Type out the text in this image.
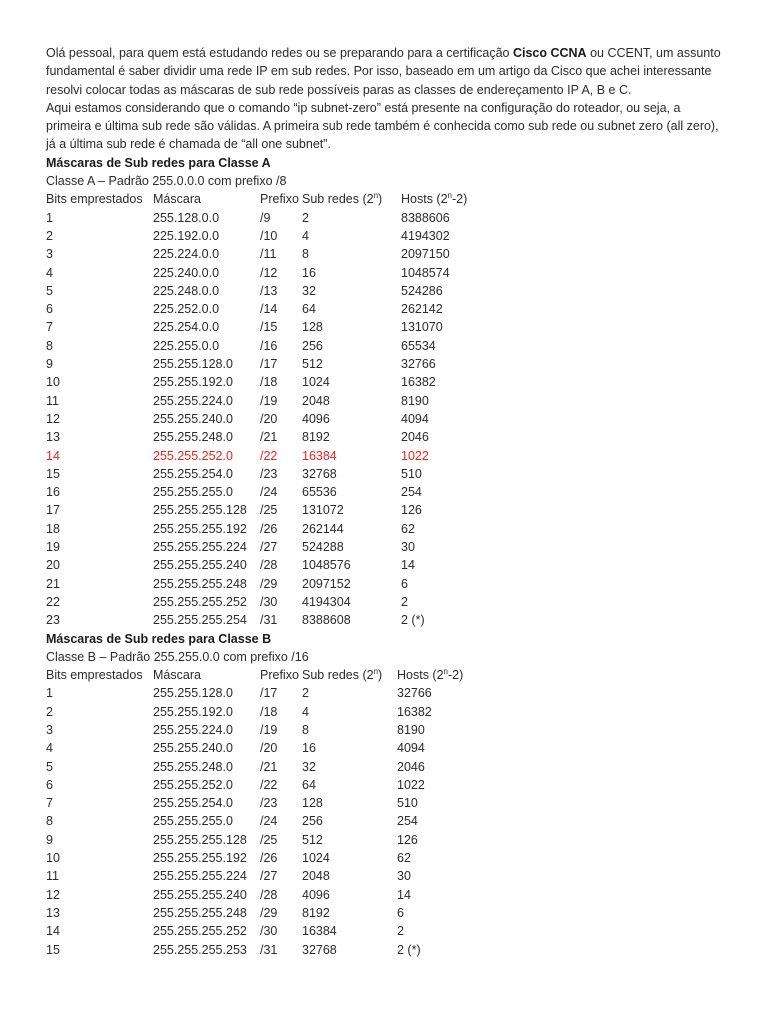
Olá pessoal, para quem está estudando redes ou se preparando para a certificação Cisco CCNA ou CCENT, um assunto fundamental é saber dividir uma rede IP em sub redes. Por isso, baseado em um artigo da Cisco que achei interessante resolvi colocar todas as máscaras de sub rede possíveis paras as classes de endereçamento IP A, B e C.

Aqui estamos considerando que o comando “ip subnet-zero” está presente na configuração do roteador, ou seja, a primeira e última sub rede são válidas. A primeira sub rede também é conhecida como sub rede ou subnet zero (all zero), já a última sub rede é chamada de “all one subnet”.

Máscaras de Sub redes para Classe A
Classe A – Padrão 255.0.0.0 com prefixo /8
Bits emprestados	Máscara	Prefixo	Sub redes (2$^n$)	Hosts (2$^n$-2)
1	255.128.0.0	/9	2	8388606
2	225.192.0.0	/10	4	4194302
3	225.224.0.0	/11	8	2097150
4	225.240.0.0	/12	16	1048574
5	225.248.0.0	/13	32	524286
6	225.252.0.0	/14	64	262142
7	225.254.0.0	/15	128	131070
8	225.255.0.0	/16	256	65534
9	255.255.128.0	/17	512	32766
10	255.255.192.0	/18	1024	16382
11	255.255.224.0	/19	2048	8190
12	255.255.240.0	/20	4096	4094
13	255.255.248.0	/21	8192	2046
14	255.255.252.0	/22	16384	1022
15	255.255.254.0	/23	32768	510
16	255.255.255.0	/24	65536	254
17	255.255.255.128	/25	131072	126
18	255.255.255.192	/26	262144	62
19	255.255.255.224	/27	524288	30
20	255.255.255.240	/28	1048576	14
21	255.255.255.248	/29	2097152	6
22	255.255.255.252	/30	4194304	2
23	255.255.255.254	/31	8388608	2 (*)
Máscaras de Sub redes para Classe B
Classe B – Padrão 255.255.0.0 com prefixo /16
Bits emprestados	Máscara	Prefixo	Sub redes (2$^n$)	Hosts (2$^n$-2)
1	255.255.128.0	/17	2	32766
2	255.255.192.0	/18	4	16382
3	255.255.224.0	/19	8	8190
4	255.255.240.0	/20	16	4094
5	255.255.248.0	/21	32	2046
6	255.255.252.0	/22	64	1022
7	255.255.254.0	/23	128	510
8	255.255.255.0	/24	256	254
9	255.255.255.128	/25	512	126
10	255.255.255.192	/26	1024	62
11	255.255.255.224	/27	2048	30
12	255.255.255.240	/28	4096	14
13	255.255.255.248	/29	8192	6
14	255.255.255.252	/30	16384	2
15	255.255.255.253	/31	32768	2 (*)
